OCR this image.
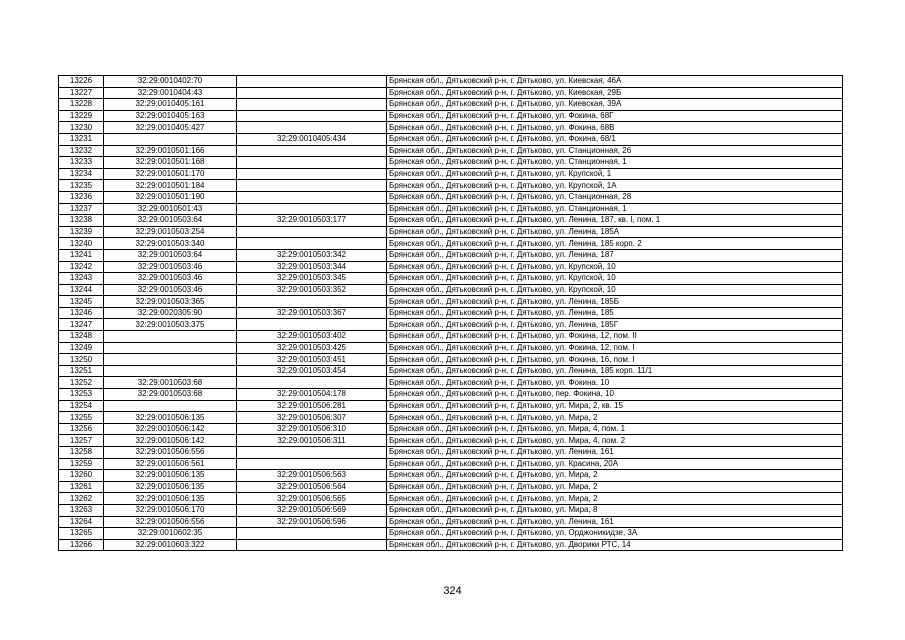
13226	32:29:0010402:70		Брянская обл., Дятьковский р-н, г. Дятьково, ул. Киевская, 46А
13227	32:29:0010404:43		Брянская обл., Дятьковский р-н, г. Дятьково, ул. Киевская, 29Б
13228	32:29:0010405:161		Брянская обл., Дятьковский р-н, г. Дятьково, ул. Киевская, 39А
13229	32:29:0010405:163		Брянская обл., Дятьковский р-н, г. Дятьково, ул. Фокина, 68Г
13230	32:29:0010405:427		Брянская обл., Дятьковский р-н, г. Дятьково, ул. Фокина, 68В
13231		32:29:0010405:434	Брянская обл., Дятьковский р-н, г. Дятьково, ул. Фокина, 68/1
13232	32:29:0010501:166		Брянская обл., Дятьковский р-н, г. Дятьково, ул. Станционная, 26
13233	32:29:0010501:168		Брянская обл., Дятьковский р-н, г. Дятьково, ул. Станционная, 1
13234	32:29:0010501:170		Брянская обл., Дятьковский р-н, г. Дятьково, ул. Крупской, 1
13235	32:29:0010501:184		Брянская обл., Дятьковский р-н, г. Дятьково, ул. Крупской, 1А
13236	32:29:0010501:190		Брянская обл., Дятьковский р-н, г. Дятьково, ул. Станционная, 28
13237	32:29:0010501:43		Брянская обл., Дятьковский р-н, г. Дятьково, ул. Станционная, 1
13238	32:29:0010503:64	32:29:0010503:177	Брянская обл., Дятьковский р-н, г. Дятьково, ул. Ленина, 187, кв. I, пом. 1
13239	32:29:0010503:254		Брянская обл., Дятьковский р-н, г. Дятьково, ул. Ленина, 185А
13240	32:29:0010503:340		Брянская обл., Дятьковский р-н, г. Дятьково, ул. Ленина, 185 корп. 2
13241	32:29:0010503:64	32:29:0010503:342	Брянская обл., Дятьковский р-н, г. Дятьково, ул. Ленина, 187
13242	32:29:0010503:46	32:29:0010503:344	Брянская обл., Дятьковский р-н, г. Дятьково, ул. Крупской, 10
13243	32:29:0010503:46	32:29:0010503:345	Брянская обл., Дятьковский р-н, г. Дятьково, ул. Крупской, 10
13244	32:29:0010503:46	32:29:0010503:352	Брянская обл., Дятьковский р-н, г. Дятьково, ул. Крупской, 10
13245	32:29:0010503:365		Брянская обл., Дятьковский р-н, г. Дятьково, ул. Ленина, 185Б
13246	32:29:0020305:90	32:29:0010503:367	Брянская обл., Дятьковский р-н, г. Дятьково, ул. Ленина, 185
13247	32:29:0010503:375		Брянская обл., Дятьковский р-н, г. Дятьково, ул. Ленина, 185Г
13248		32:29:0010503:402	Брянская обл., Дятьковский р-н, г. Дятьково, ул. Фокина, 12, пом. II
13249		32:29:0010503:425	Брянская обл., Дятьковский р-н, г. Дятьково, ул. Фокина, 12, пом. I
13250		32:29:0010503:451	Брянская обл., Дятьковский р-н, г. Дятьково, ул. Фокина, 16, пом. I
13251		32:29:0010503:454	Брянская обл., Дятьковский р-н, г. Дятьково, ул. Ленина, 185 корп. 11/1
13252	32:29:0010503:68		Брянская обл., Дятьковский р-н, г. Дятьково, ул. Фокина, 10
13253	32:29:0010503:68	32:29:0010504:178	Брянская обл., Дятьковский р-н, г. Дятьково, пер. Фокина, 10
13254		32:29:0010506:281	Брянская обл., Дятьковский р-н, г. Дятьково, ул. Мира, 2, кв. 15
13255	32:29:0010506:135	32:29:0010506:307	Брянская обл., Дятьковский р-н, г. Дятьково, ул. Мира, 2
13256	32:29:0010506:142	32:29:0010506:310	Брянская обл., Дятьковский р-н, г. Дятьково, ул. Мира, 4, пом. 1
13257	32:29:0010506:142	32:29:0010506:311	Брянская обл., Дятьковский р-н, г. Дятьково, ул. Мира, 4, пом. 2
13258	32:29:0010506:556		Брянская обл., Дятьковский р-н, г. Дятьково, ул. Ленина, 161
13259	32:29:0010506:561		Брянская обл., Дятьковский р-н, г. Дятьково, ул. Красина, 20А
13260	32:29:0010506:135	32:29:0010506:563	Брянская обл., Дятьковский р-н, г. Дятьково, ул. Мира, 2
13261	32:29:0010506:135	32:29:0010506:564	Брянская обл., Дятьковский р-н, г. Дятьково, ул. Мира, 2
13262	32:29:0010506:135	32:29:0010506:565	Брянская обл., Дятьковский р-н, г. Дятьково, ул. Мира, 2
13263	32:29:0010506:170	32:29:0010506:569	Брянская обл., Дятьковский р-н, г. Дятьково, ул. Мира, 8
13264	32:29:0010506:556	32:29:0010506:596	Брянская обл., Дятьковский р-н, г. Дятьково, ул. Ленина, 161
13265	32:29:0010602:35		Брянская обл., Дятьковский р-н, г. Дятьково, ул. Орджоникидзе, 3А
13266	32:29:0010603:322		Брянская обл., Дятьковский р-н, г. Дятьково, ул. Дворики РТС, 14
324
